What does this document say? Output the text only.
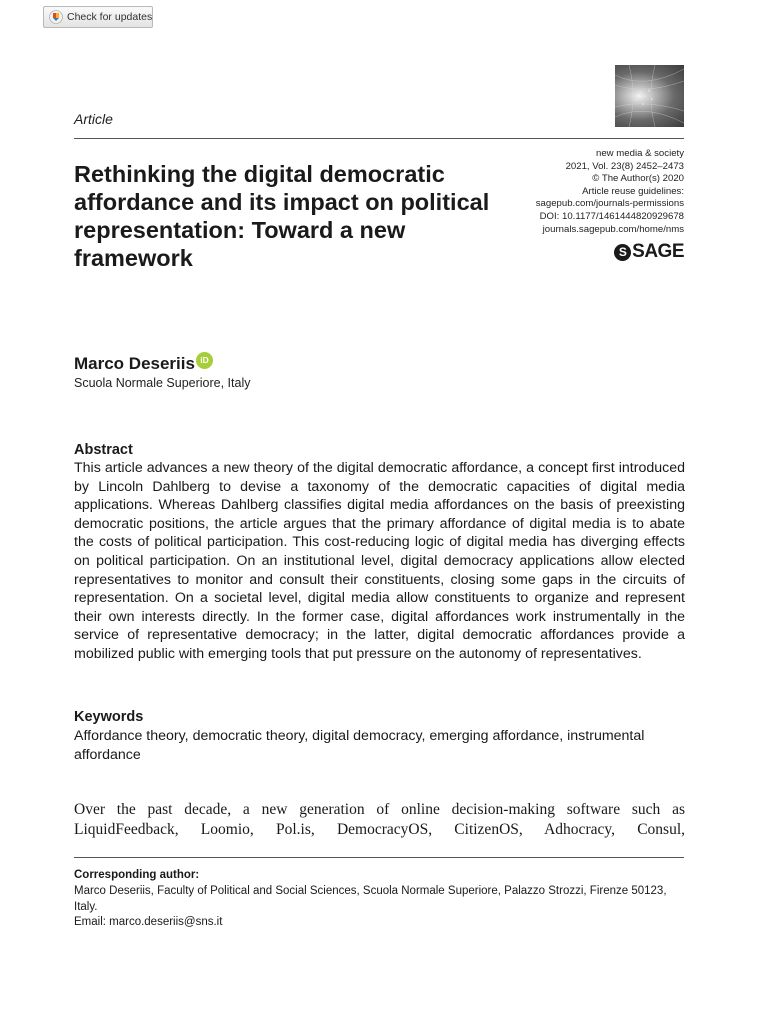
Check for updates
Article
new media & society
2021, Vol. 23(8) 2452–2473
© The Author(s) 2020
Article reuse guidelines:
sagepub.com/journals-permissions
DOI: 10.1177/1461444820929678
journals.sagepub.com/home/nms
S SAGE
Rethinking the digital democratic affordance and its impact on political representation: Toward a new framework
Marco Deseriis iD
Scuola Normale Superiore, Italy
Abstract

This article advances a new theory of the digital democratic affordance, a concept first introduced by Lincoln Dahlberg to devise a taxonomy of the democratic capacities of digital media applications. Whereas Dahlberg classifies digital media affordances on the basis of preexisting democratic positions, the article argues that the primary affordance of digital media is to abate the costs of political participation. This cost-reducing logic of digital media has diverging effects on political participation. On an institutional level, digital democracy applications allow elected representatives to monitor and consult their constituents, closing some gaps in the circuits of representation. On a societal level, digital media allow constituents to organize and represent their own interests directly. In the former case, digital affordances work instrumentally in the service of representative democracy; in the latter, digital democratic affordances provide a mobilized public with emerging tools that put pressure on the autonomy of representatives.

Keywords

Affordance theory, democratic theory, digital democracy, emerging affordance, instrumental affordance

Over the past decade, a new generation of online decision-making software such as
LiquidFeedback, Loomio, Pol.is, DemocracyOS, CitizenOS, Adhocracy, Consul,
Corresponding author:
Marco Deseriis, Faculty of Political and Social Sciences, Scuola Normale Superiore, Palazzo Strozzi, Firenze 50123, Italy.
Email: marco.deseriis@sns.it
